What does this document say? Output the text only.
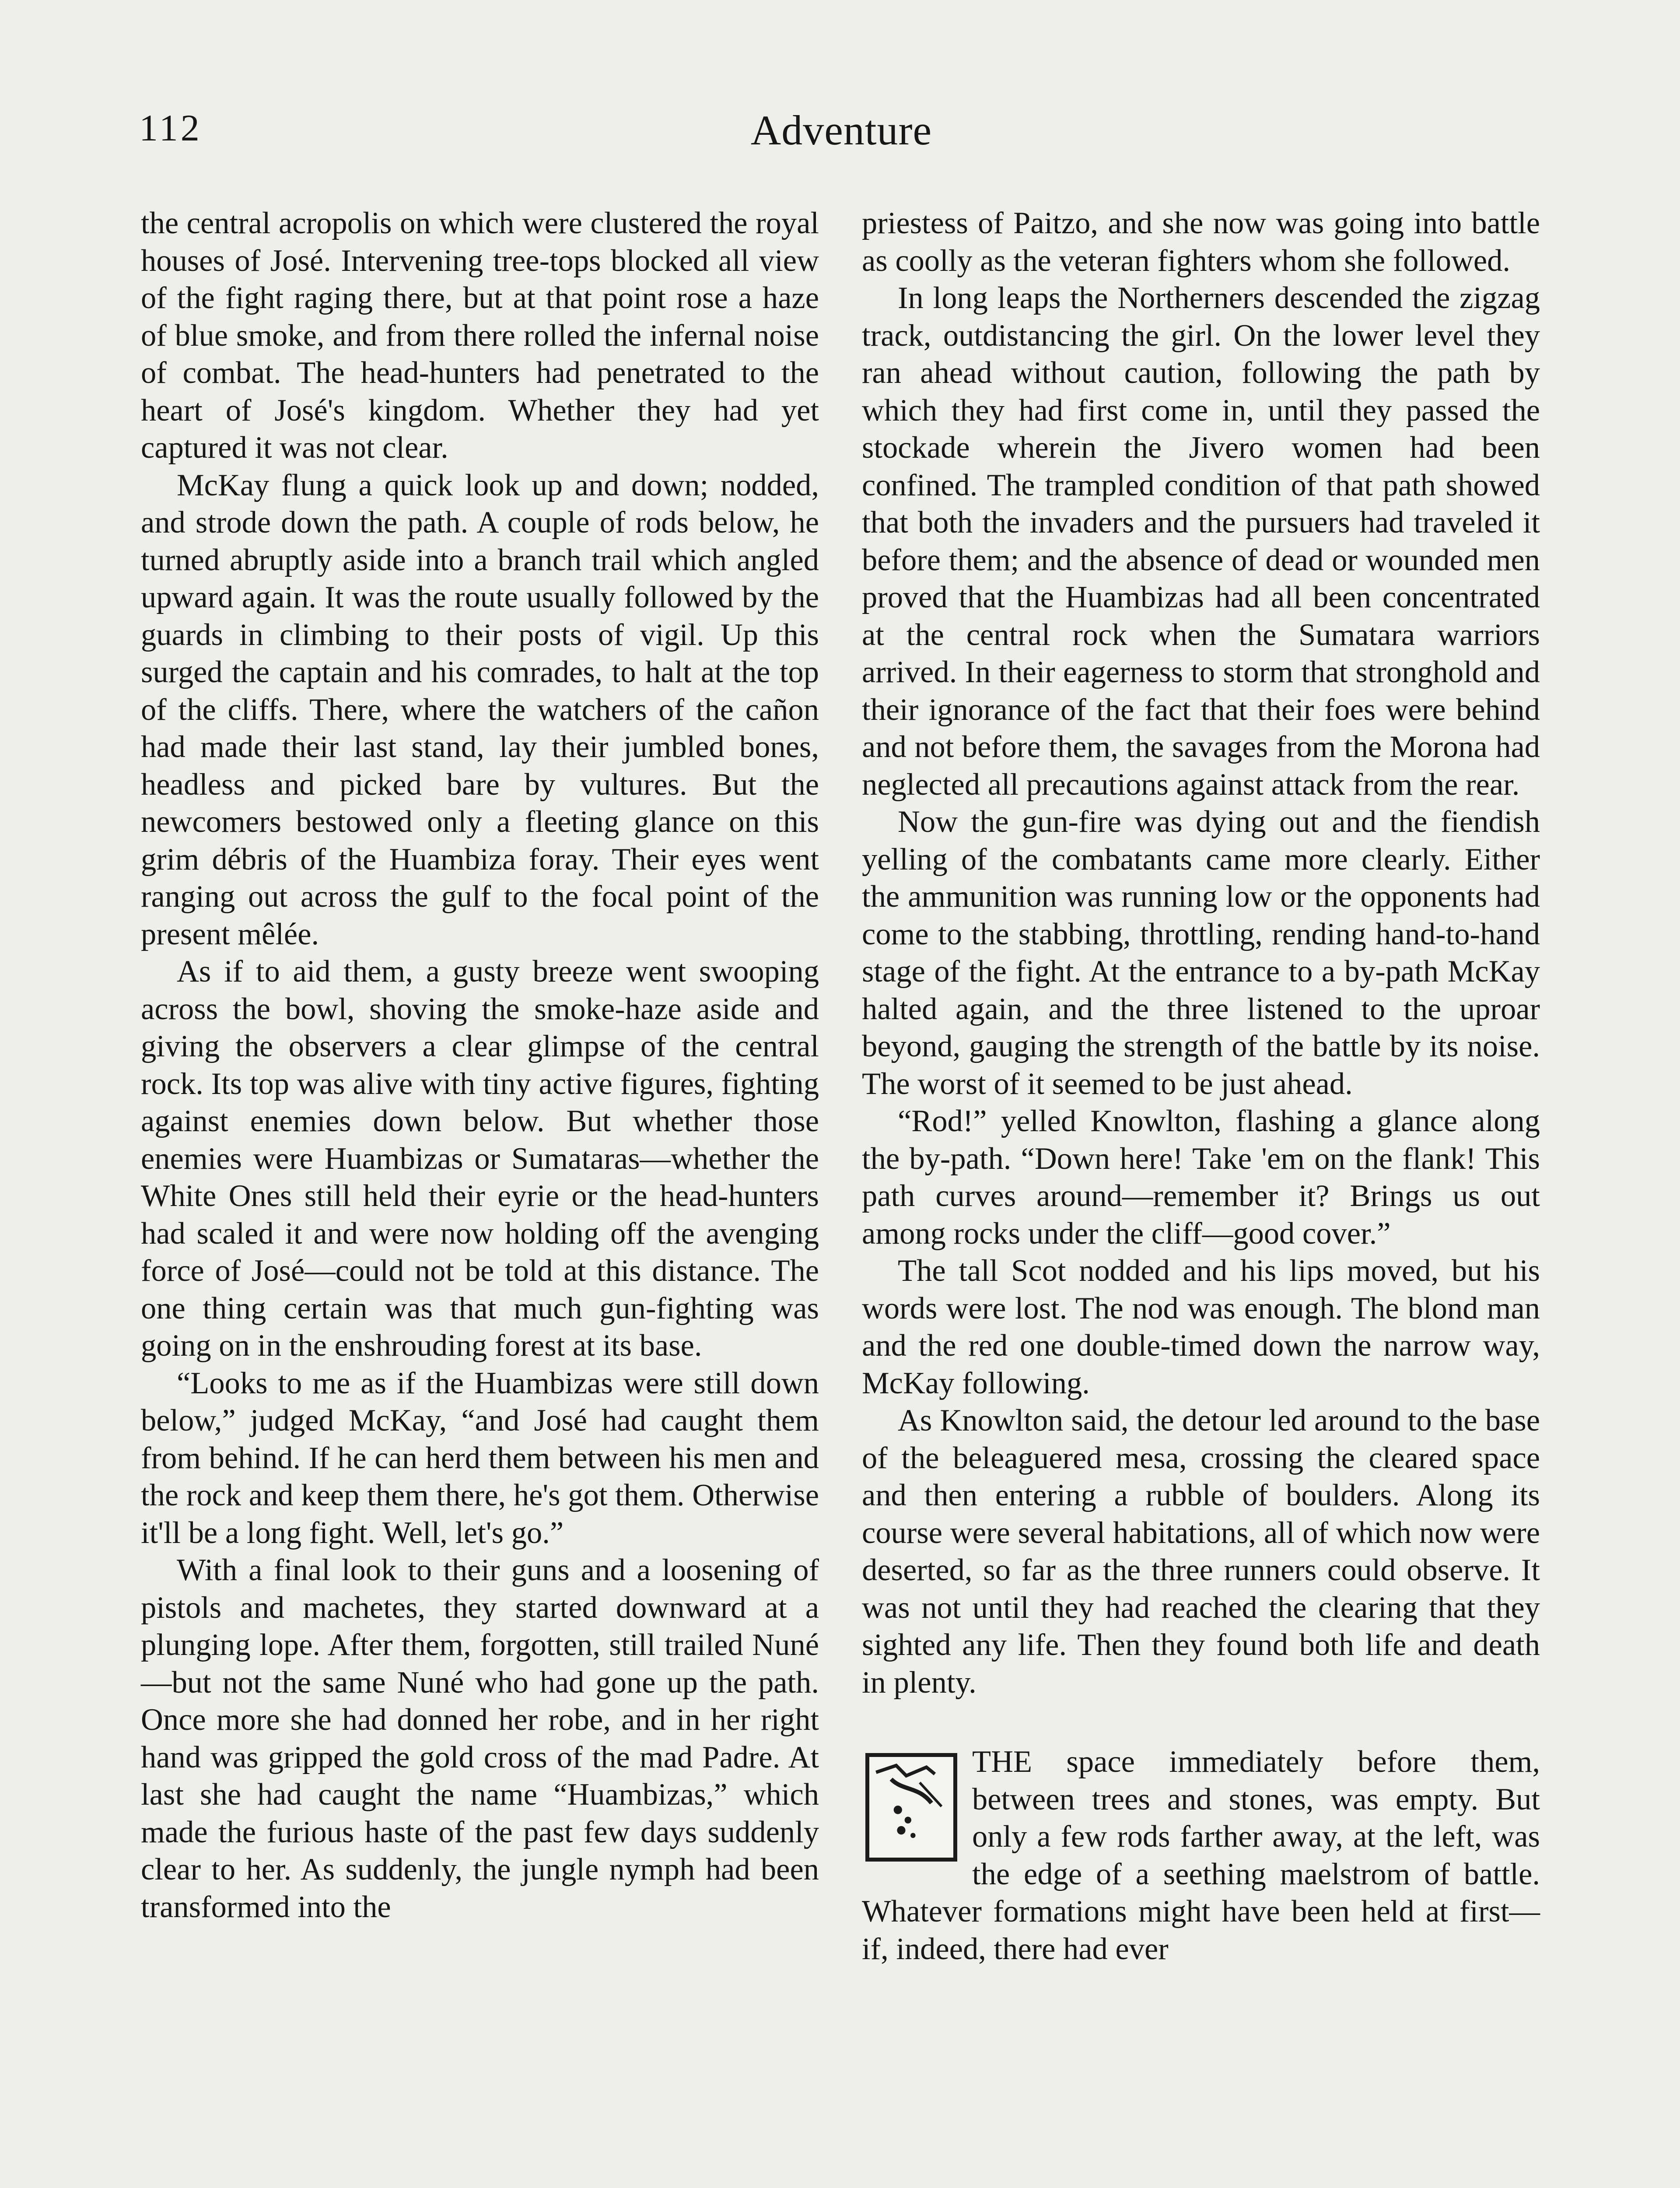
112	Adventure

the central acropolis on which were clustered the royal houses of José. Intervening tree-tops blocked all view of the fight raging there, but at that point rose a haze of blue smoke, and from there rolled the infernal noise of combat. The head-hunters had penetrated to the heart of José's kingdom. Whether they had yet captured it was not clear.

McKay flung a quick look up and down; nodded, and strode down the path. A couple of rods below, he turned abruptly aside into a branch trail which angled upward again. It was the route usually followed by the guards in climbing to their posts of vigil. Up this surged the captain and his comrades, to halt at the top of the cliffs. There, where the watchers of the cañon had made their last stand, lay their jumbled bones, headless and picked bare by vultures. But the newcomers bestowed only a fleeting glance on this grim débris of the Huambiza foray. Their eyes went ranging out across the gulf to the focal point of the present mêlée.

As if to aid them, a gusty breeze went swooping across the bowl, shoving the smoke-haze aside and giving the observers a clear glimpse of the central rock. Its top was alive with tiny active figures, fighting against enemies down below. But whether those enemies were Huambizas or Sumataras—whether the White Ones still held their eyrie or the head-hunters had scaled it and were now holding off the avenging force of José—could not be told at this distance. The one thing certain was that much gun-fighting was going on in the enshrouding forest at its base.

“Looks to me as if the Huambizas were still down below,” judged McKay, “and José had caught them from behind. If he can herd them between his men and the rock and keep them there, he's got them. Otherwise it'll be a long fight. Well, let's go.”

With a final look to their guns and a loosening of pistols and machetes, they started downward at a plunging lope. After them, forgotten, still trailed Nuné—but not the same Nuné who had gone up the path. Once more she had donned her robe, and in her right hand was gripped the gold cross of the mad Padre. At last she had caught the name “Huambizas,” which made the furious haste of the past few days suddenly clear to her. As suddenly, the jungle nymph had been transformed into the

priestess of Paitzo, and she now was going into battle as coolly as the veteran fighters whom she followed.

In long leaps the Northerners descended the zigzag track, outdistancing the girl. On the lower level they ran ahead without caution, following the path by which they had first come in, until they passed the stockade wherein the Jivero women had been confined. The trampled condition of that path showed that both the invaders and the pursuers had traveled it before them; and the absence of dead or wounded men proved that the Huambizas had all been concentrated at the central rock when the Sumatara warriors arrived. In their eagerness to storm that stronghold and their ignorance of the fact that their foes were behind and not before them, the savages from the Morona had neglected all precautions against attack from the rear.

Now the gun-fire was dying out and the fiendish yelling of the combatants came more clearly. Either the ammunition was running low or the opponents had come to the stabbing, throttling, rending hand-to-hand stage of the fight. At the entrance to a by-path McKay halted again, and the three listened to the uproar beyond, gauging the strength of the battle by its noise. The worst of it seemed to be just ahead.

“Rod!” yelled Knowlton, flashing a glance along the by-path. “Down here! Take 'em on the flank! This path curves around—remember it? Brings us out among rocks under the cliff—good cover.”

The tall Scot nodded and his lips moved, but his words were lost. The nod was enough. The blond man and the red one double-timed down the narrow way, McKay following.

As Knowlton said, the detour led around to the base of the beleaguered mesa, crossing the cleared space and then entering a rubble of boulders. Along its course were several habitations, all of which now were deserted, so far as the three runners could observe. It was not until they had reached the clearing that they sighted any life. Then they found both life and death in plenty.

THE space immediately before them, between trees and stones, was empty. But only a few rods farther away, at the left, was the edge of a seething maelstrom of battle. Whatever formations might have been held at first—if, indeed, there had ever
